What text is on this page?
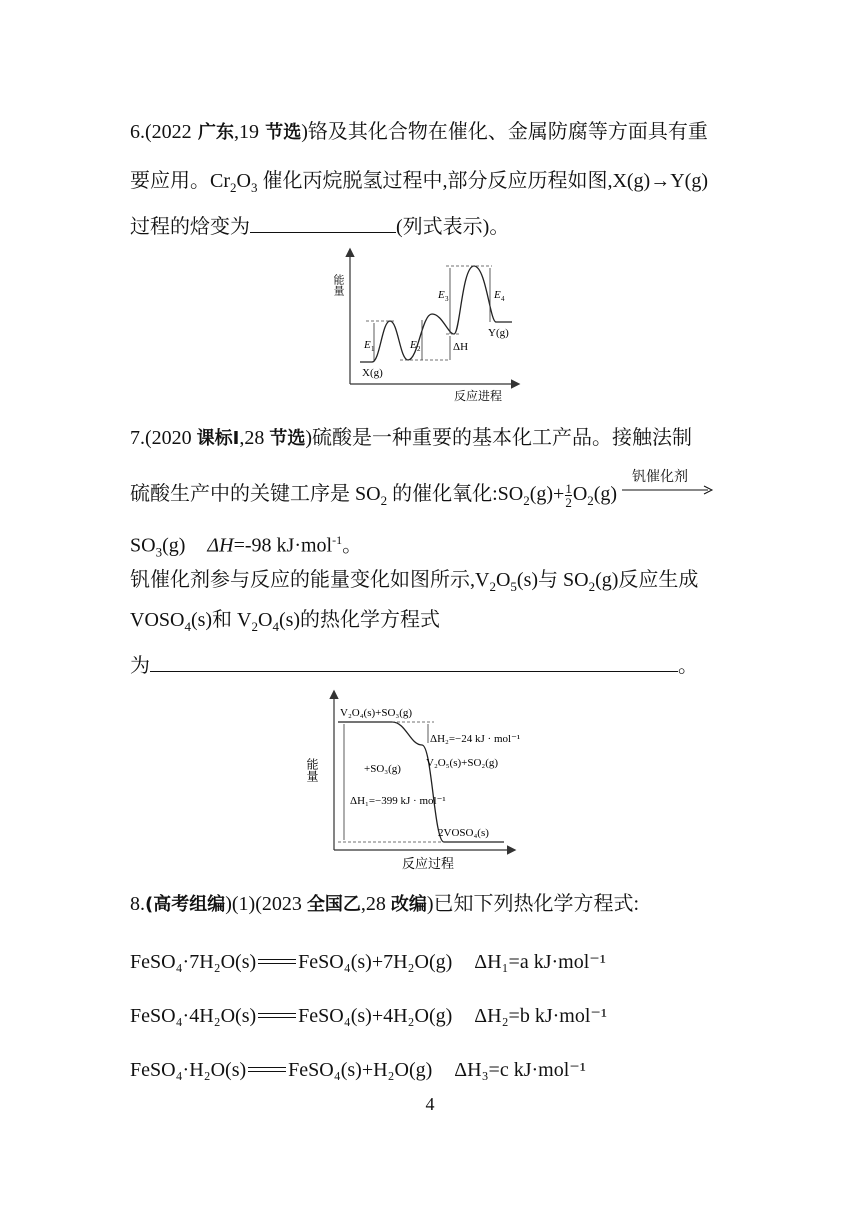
6.(2022 广东,19 节选)铬及其化合物在催化、金属防腐等方面具有重
要应用。$Cr_2O_3$ 催化丙烷脱氢过程中,部分反应历程如图,X(g)→Y(g)
过程的焓变为	(列式表示)。
能量
反应进程
E 1	E 2
E 3	E 4
ΔH
X(g)
Y(g)
7.(2020 课标Ⅰ,28 节选)硫酸是一种重要的基本化工产品。接触法制
硫酸生产中的关键工序是 $SO_2$ 的催化氧化$:SO_2(g)+ \frac{1}{2} O_2(g)$
钒催化剂
$SO_3(g)$ ΔH=-98 kJ·mol$^{-1}$。
钒催化剂参与反应的能量变化如图所示$,V_2O_5(s)$与 $SO_2(g)$反应生成
$VOSO_4(s)$和 $V_2O_4(s)$的热化学方程式
为	。
能量
反应过程
V₂O₄(s)+SO₃(g)
ΔH₂=−24 kJ · mol⁻¹
V₂O₅(s)+SO₂(g)
+SO₃(g)
ΔH₁=−399 kJ · mol⁻¹
2VOSO₄(s)
8.(高考组编)(1)(2023 全国乙,28 改编)已知下列热化学方程式:
FeSO₄·7H₂O(s) FeSO₄(s)+7H₂O(g) ΔH₁=a kJ·mol⁻¹
FeSO₄·4H₂O(s) FeSO₄(s)+4H₂O(g) ΔH₂=b kJ·mol⁻¹
FeSO₄·H₂O(s) FeSO₄(s)+H₂O(g) ΔH₃=c kJ·mol⁻¹
4
